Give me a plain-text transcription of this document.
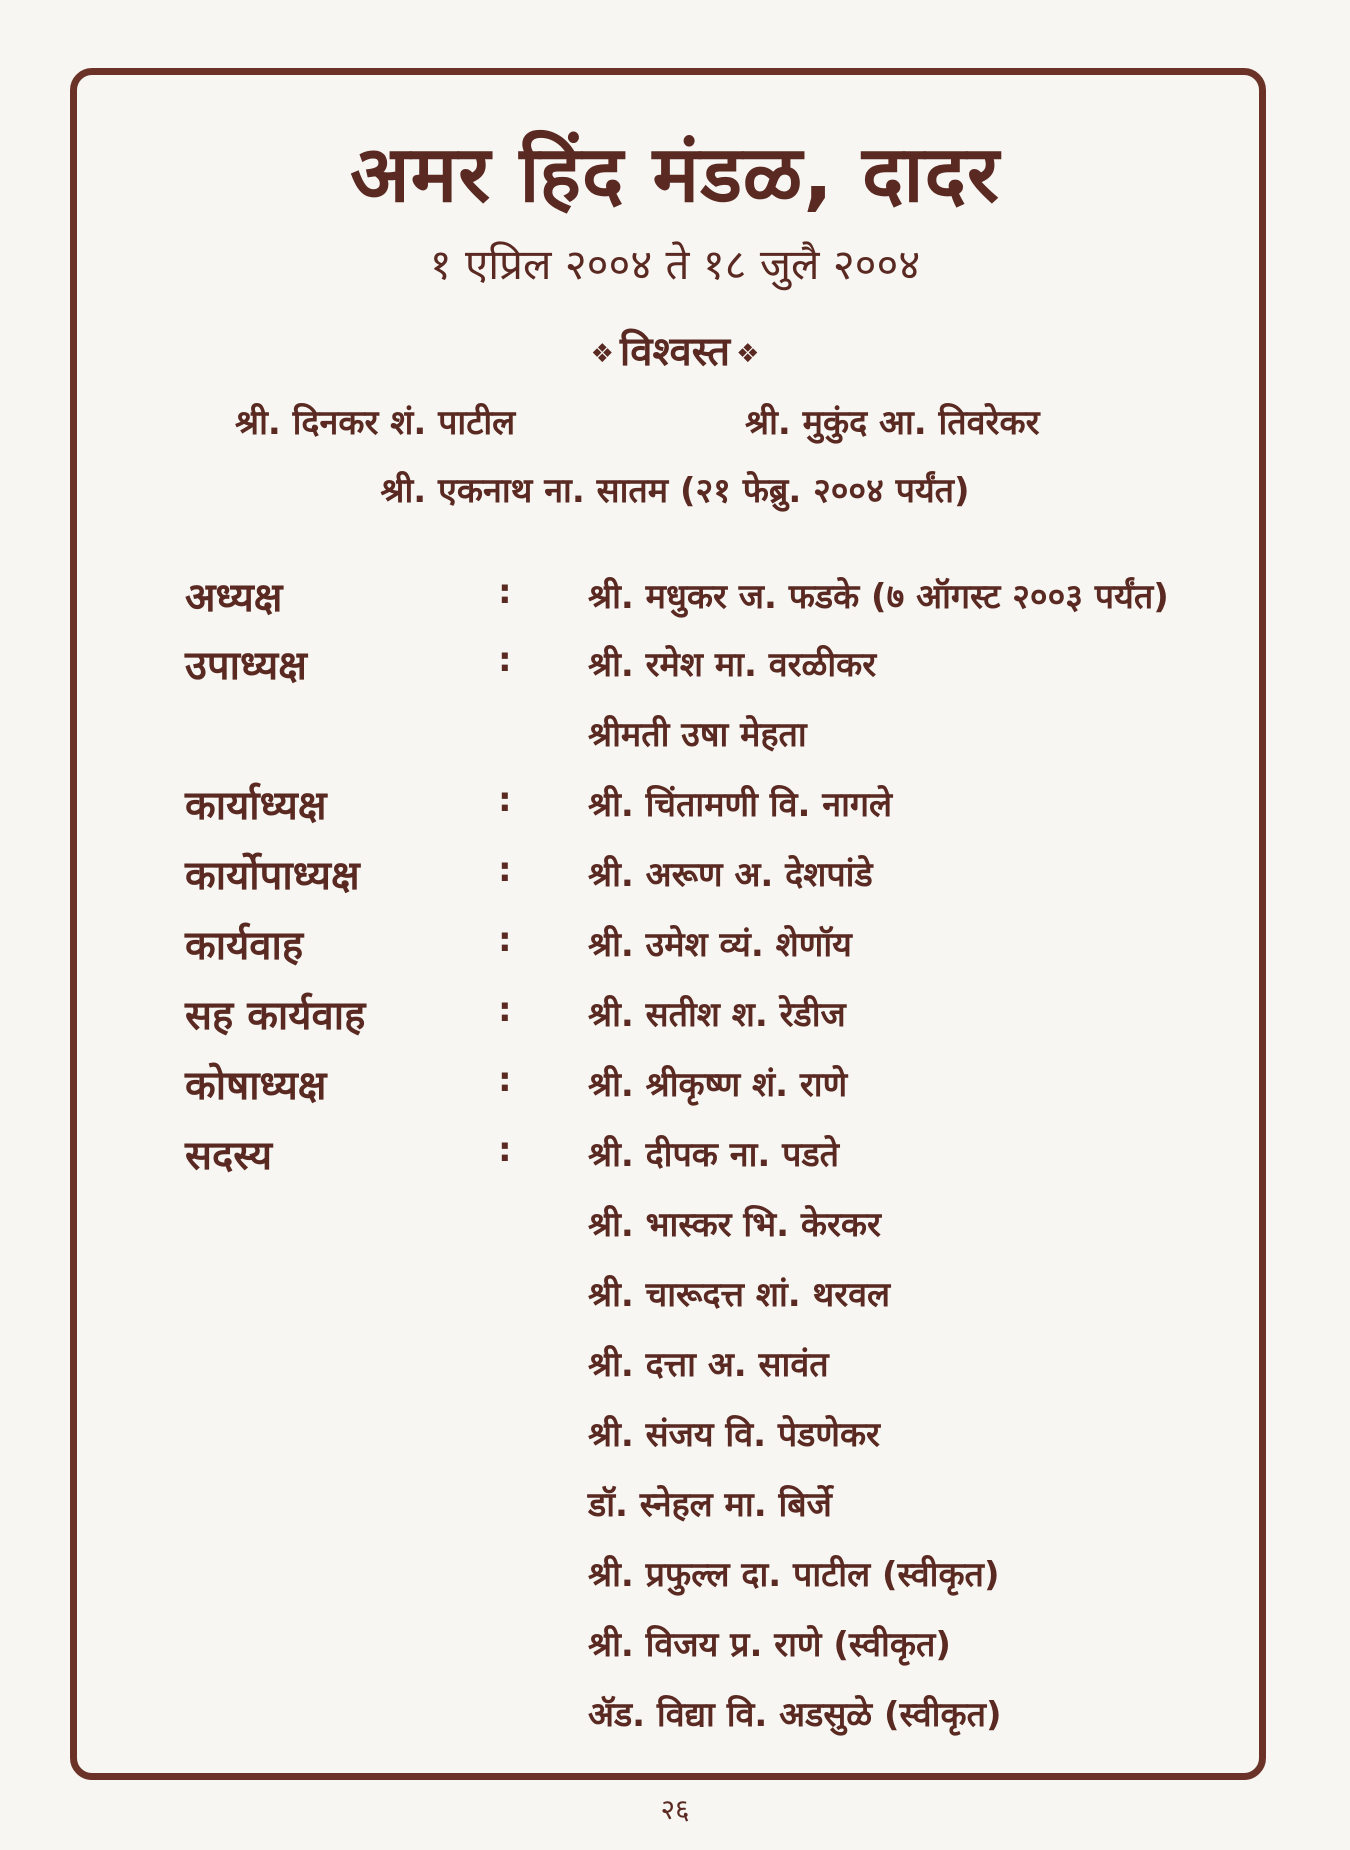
अमर हिंद मंडळ, दादर
१ एप्रिल २००४ ते १८ जुलै २००४
❖ विश्वस्त ❖
श्री. दिनकर शं. पाटील	श्री. मुकुंद आ. तिवरेकर
श्री. एकनाथ ना. सातम (२१ फेब्रु. २००४ पर्यंत)
अध्यक्ष	: श्री. मधुकर ज. फडके (७ ऑगस्ट २००३ पर्यंत)
उपाध्यक्ष	: श्री. रमेश मा. वरळीकर
श्रीमती उषा मेहता
कार्याध्यक्ष	: श्री. चिंतामणी वि. नागले
कार्योपाध्यक्ष	: श्री. अरूण अ. देशपांडे
कार्यवाह	: श्री. उमेश व्यं. शेणॉय
सह कार्यवाह	: श्री. सतीश श. रेडीज
कोषाध्यक्ष	: श्री. श्रीकृष्ण शं. राणे
सदस्य	: श्री. दीपक ना. पडते
श्री. भास्कर भि. केरकर
श्री. चारूदत्त शां. थरवल
श्री. दत्ता अ. सावंत
श्री. संजय वि. पेडणेकर
डॉ. स्नेहल मा. बिर्जे
श्री. प्रफुल्ल दा. पाटील (स्वीकृत)
श्री. विजय प्र. राणे (स्वीकृत)
ॲड. विद्या वि. अडसुळे (स्वीकृत)
२६
